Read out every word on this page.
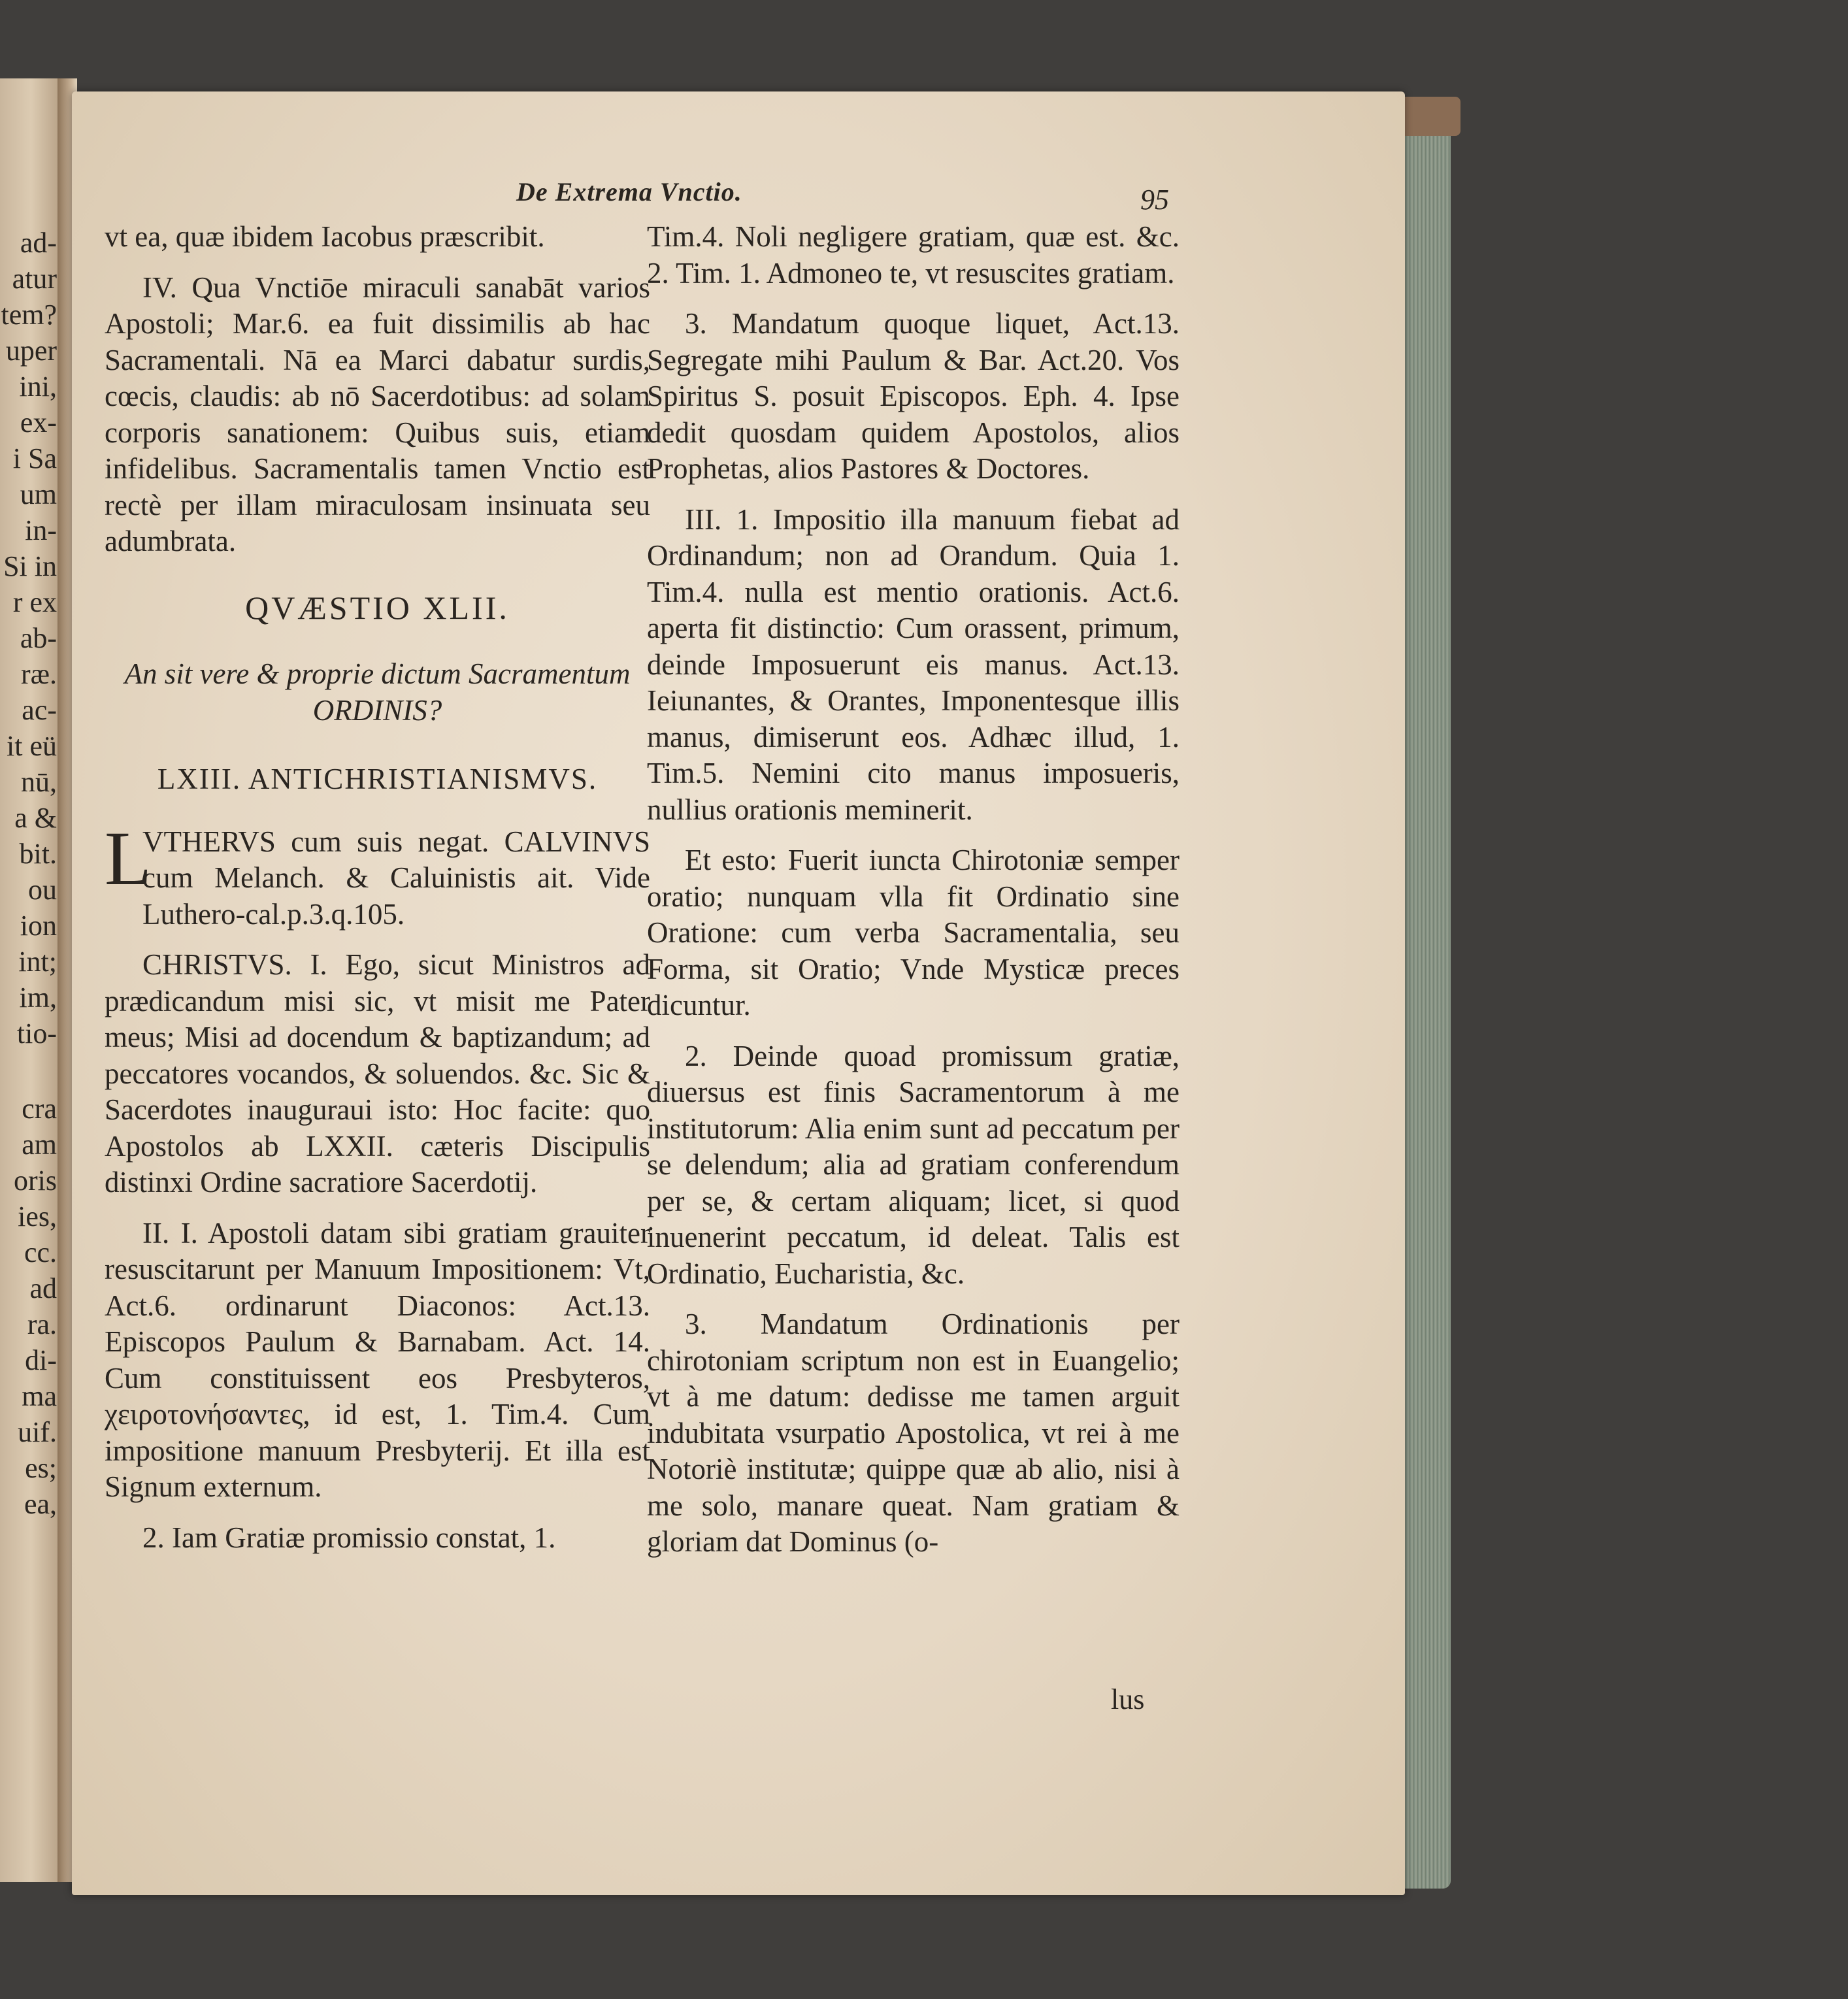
ad-
atur
tem?
uper
ini,
ex-
i Sa
um
in-
Si in
r ex
ab-
ræ.
ac-
it eü
nū,
a &
bit.
ou
ion
int;
im,
tio-
cra
am
oris
ies,
cc.
ad
ra.
di-
ma
uif.
es;
ea,
De Extrema Vnctio.	95

vt ea, quæ ibidem Iacobus præscribit.

IV. Qua Vnctiōe miraculi sanabāt varios Apostoli; Mar.6. ea fuit dissimilis ab hac Sacramentali. Nā ea Marci dabatur surdis, cœcis, claudis: ab nō Sacerdotibus: ad solam corporis sanationem: Quibus suis, etiam infidelibus. Sacramentalis tamen Vnctio est rectè per illam miraculosam insinuata seu adumbrata.

QVÆSTIO XLII.
An sit vere & proprie dictum Sacramentum ORDINIS?
LXIII. ANTICHRISTIANISMVS.
L
VTHERVS cum suis negat. CALVINVS cum Melanch. & Caluinistis ait. Vide Luthero-cal.p.3.q.105.

CHRISTVS. I. Ego, sicut Ministros ad prædicandum misi sic, vt misit me Pater meus; Misi ad docendum & baptizandum; ad peccatores vocandos, & soluendos. &c. Sic & Sacerdotes inauguraui isto: Hoc facite: quo Apostolos ab LXXII. cæteris Discipulis distinxi Ordine sacratiore Sacerdotij.

II. I. Apostoli datam sibi gratiam grauiter resuscitarunt per Manuum Impositionem: Vt, Act.6. ordinarunt Diaconos: Act.13. Episcopos Paulum & Barnabam. Act. 14. Cum constituissent eos Presbyteros, χειροτονήσαντες, id est, 1. Tim.4. Cum impositione manuum Presbyterij. Et illa est Signum externum.

2. Iam Gratiæ promissio constat, 1.

Tim.4. Noli negligere gratiam, quæ est. &c. 2. Tim. 1. Admoneo te, vt resuscites gratiam.

3. Mandatum quoque liquet, Act.13. Segregate mihi Paulum & Bar. Act.20. Vos Spiritus S. posuit Episcopos. Eph. 4. Ipse dedit quosdam quidem Apostolos, alios Prophetas, alios Pastores & Doctores.

III. 1. Impositio illa manuum fiebat ad Ordinandum; non ad Orandum. Quia 1. Tim.4. nulla est mentio orationis. Act.6. aperta fit distinctio: Cum orassent, primum, deinde Imposuerunt eis manus. Act.13. Ieiunantes, & Orantes, Imponentesque illis manus, dimiserunt eos. Adhæc illud, 1. Tim.5. Nemini cito manus imposueris, nullius orationis meminerit.

Et esto: Fuerit iuncta Chirotoniæ semper oratio; nunquam vlla fit Ordinatio sine Oratione: cum verba Sacramentalia, seu Forma, sit Oratio; Vnde Mysticæ preces dicuntur.

2. Deinde quoad promissum gratiæ, diuersus est finis Sacramentorum à me institutorum: Alia enim sunt ad peccatum per se delendum; alia ad gratiam conferendum per se, & certam aliquam; licet, si quod inuenerint peccatum, id deleat. Talis est Ordinatio, Eucharistia, &c.

3. Mandatum Ordinationis per chirotoniam scriptum non est in Euangelio; vt à me datum: dedisse me tamen arguit indubitata vsurpatio Apostolica, vt rei à me Notoriè institutæ; quippe quæ ab alio, nisi à me solo, manare queat. Nam gratiam & gloriam dat Dominus (o-

lus
